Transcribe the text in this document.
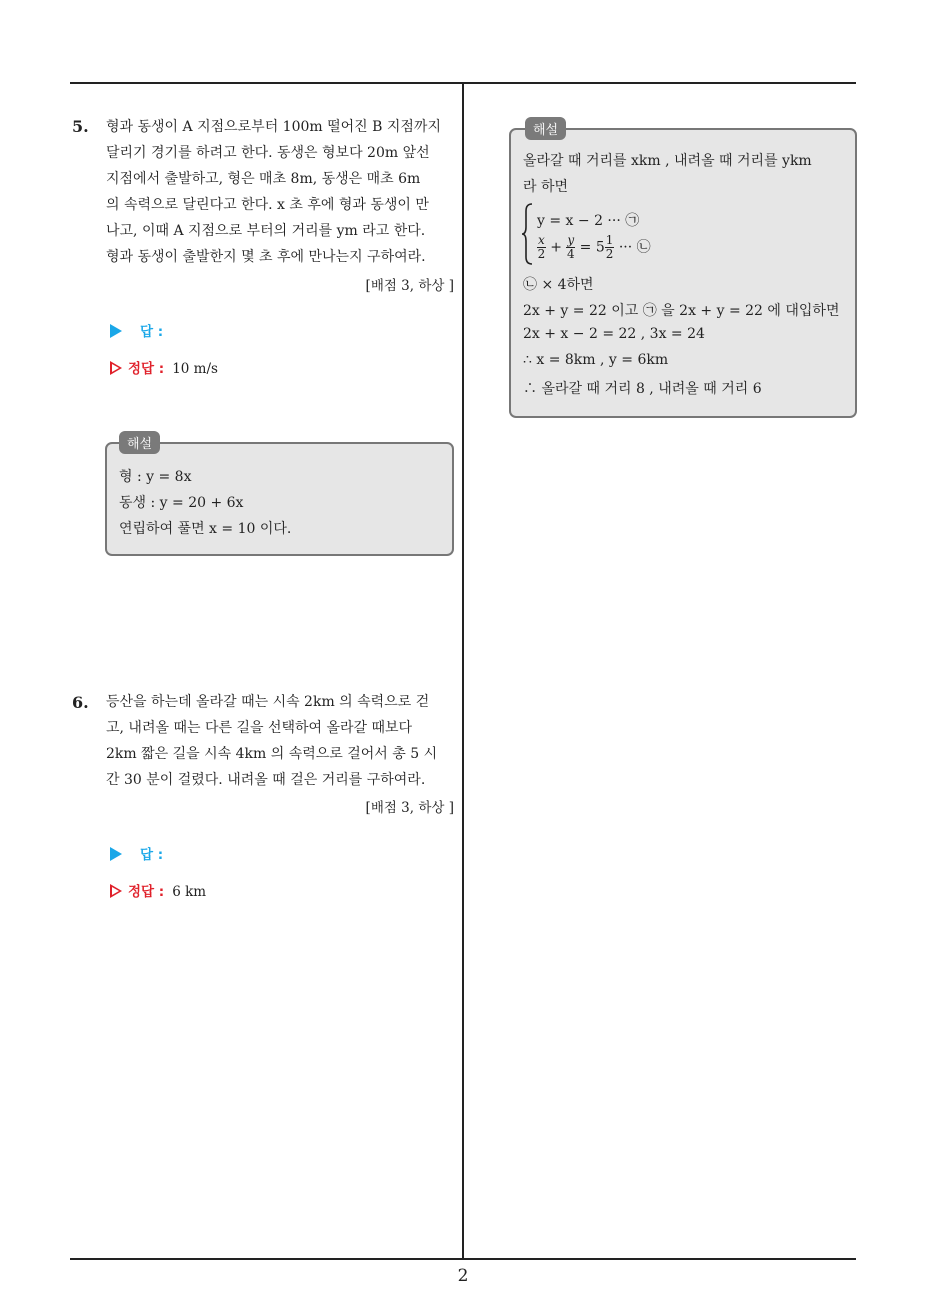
5. 형과 동생이 A 지점으로부터 100m 떨어진 B 지점까지
달리기 경기를 하려고 한다. 동생은 형보다 20m 앞선
지점에서 출발하고, 형은 매초 8m, 동생은 매초 6m
의 속력으로 달린다고 한다. x 초 후에 형과 동생이 만
나고, 이때 A 지점으로 부터의 거리를 ym 라고 한다.
형과 동생이 출발한지 몇 초 후에 만나는지 구하여라.
[배점 3, 하상 ]
답 :
정답 : 10 m/s
해설
형 : y = 8x
동생 : y = 20 + 6x
연립하여 풀면 x = 10 이다.
6. 등산을 하는데 올라갈 때는 시속 2km 의 속력으로 걷
고, 내려올 때는 다른 길을 선택하여 올라갈 때보다
2km 짧은 길을 시속 4km 의 속력으로 걸어서 총 5 시
간 30 분이 걸렸다. 내려올 때 걸은 거리를 구하여라.
[배점 3, 하상 ]
답 :
정답 : 6 km
해설
올라갈 때 거리를 xkm , 내려올 때 거리를 ykm
라 하면
y = x − 2 ··· ㉠
$\frac{x}{2} + \frac{y}{4} = 5 \frac{1}{2}$ ··· ㉡
㉡ × 4하면
2x + y = 22 이고 ㉠ 을 2x + y = 22 에 대입하면
2x + x − 2 = 22 , 3x = 24
∴ x = 8km , y = 6km
∴ 올라갈 때 거리 8 , 내려올 때 거리 6
2
